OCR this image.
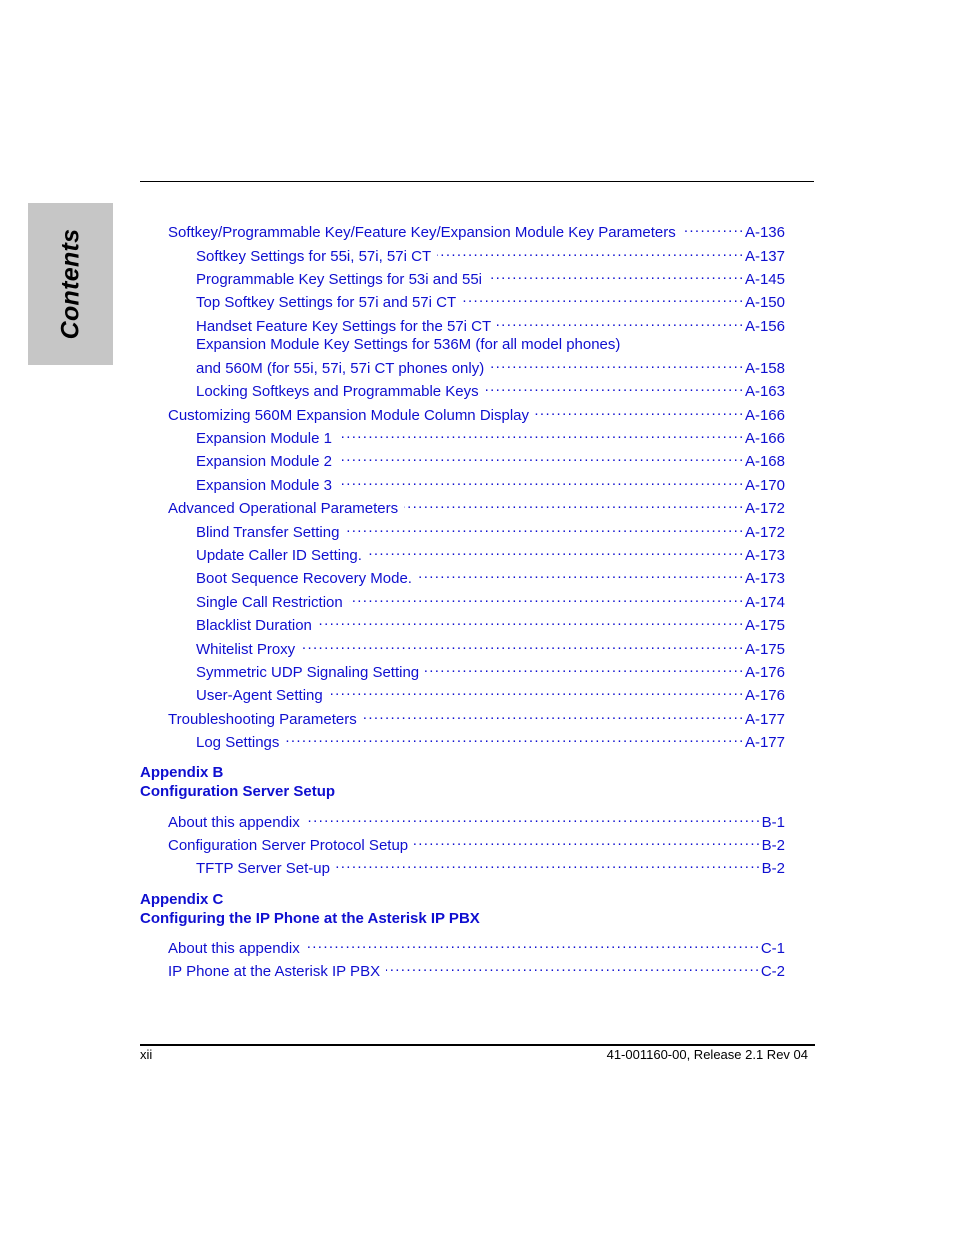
Contents	Softkey/Programmable Key/Feature Key/Expansion Module Key Parameters . . .	A-136
Softkey Settings for 55i, 57i, 57i CT . . .	A-137
Programmable Key Settings for 53i and 55i . . .	A-145
Top Softkey Settings for 57i and 57i CT . . .	A-150
Handset Feature Key Settings for the 57i CT . . .	A-156
Expansion Module Key Settings for 536M (for all model phones)
and 560M (for 55i, 57i, 57i CT phones only) . . .	A-158
Locking Softkeys and Programmable Keys . . .	A-163
Customizing 560M Expansion Module Column Display . . .	A-166
Expansion Module 1 . . .	A-166
Expansion Module 2 . . .	A-168
Expansion Module 3 . . .	A-170
Advanced Operational Parameters . . .	A-172
Blind Transfer Setting . . .	A-172
Update Caller ID Setting. . . .	A-173
Boot Sequence Recovery Mode. . . .	A-173
Single Call Restriction . . .	A-174
Blacklist Duration . . .	A-175
Whitelist Proxy . . .	A-175
Symmetric UDP Signaling Setting . . .	A-176
User-Agent Setting . . .	A-176
Troubleshooting Parameters . . .	A-177
Log Settings . . .	A-177
Appendix B
Configuration Server Setup
About this appendix . . .	B-1
Configuration Server Protocol Setup . . .	B-2
TFTP Server Set-up . . .	B-2
Appendix C
Configuring the IP Phone at the Asterisk IP PBX
About this appendix . . .	C-1
IP Phone at the Asterisk IP PBX . . .	C-2
xii	41-001160-00, Release 2.1 Rev 04
